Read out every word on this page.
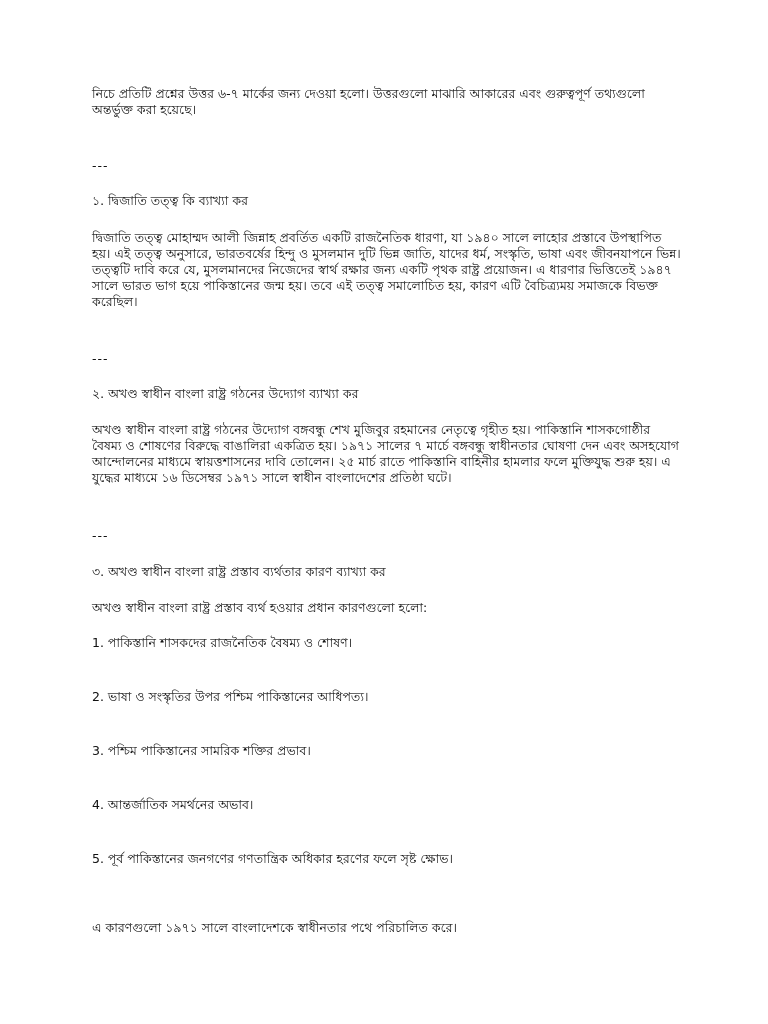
নিচে প্রতিটি প্রশ্নের উত্তর ৬-৭ মার্কের জন্য দেওয়া হলো। উত্তরগুলো মাঝারি আকারের এবং গুরুত্বপূর্ণ তথ্যগুলো অন্তর্ভুক্ত করা হয়েছে।

---

১. দ্বিজাতি তত্ত্ব কি ব্যাখ্যা কর

দ্বিজাতি তত্ত্ব মোহাম্মদ আলী জিন্নাহ প্রবর্তিত একটি রাজনৈতিক ধারণা, যা ১৯৪০ সালে লাহোর প্রস্তাবে উপস্থাপিত হয়। এই তত্ত্ব অনুসারে, ভারতবর্ষের হিন্দু ও মুসলমান দুটি ভিন্ন জাতি, যাদের ধর্ম, সংস্কৃতি, ভাষা এবং জীবনযাপনে ভিন্ন। তত্ত্বটি দাবি করে যে, মুসলমানদের নিজেদের স্বার্থ রক্ষার জন্য একটি পৃথক রাষ্ট্র প্রয়োজন। এ ধারণার ভিত্তিতেই ১৯৪৭ সালে ভারত ভাগ হয়ে পাকিস্তানের জন্ম হয়। তবে এই তত্ত্ব সমালোচিত হয়, কারণ এটি বৈচিত্র্যময় সমাজকে বিভক্ত করেছিল।

---

২. অখণ্ড স্বাধীন বাংলা রাষ্ট্র গঠনের উদ্যোগ ব্যাখ্যা কর

অখণ্ড স্বাধীন বাংলা রাষ্ট্র গঠনের উদ্যোগ বঙ্গবন্ধু শেখ মুজিবুর রহমানের নেতৃত্বে গৃহীত হয়। পাকিস্তানি শাসকগোষ্ঠীর বৈষম্য ও শোষণের বিরুদ্ধে বাঙালিরা একত্রিত হয়। ১৯৭১ সালের ৭ মার্চে বঙ্গবন্ধু স্বাধীনতার ঘোষণা দেন এবং অসহযোগ আন্দোলনের মাধ্যমে স্বায়ত্তশাসনের দাবি তোলেন। ২৫ মার্চ রাতে পাকিস্তানি বাহিনীর হামলার ফলে মুক্তিযুদ্ধ শুরু হয়। এ যুদ্ধের মাধ্যমে ১৬ ডিসেম্বর ১৯৭১ সালে স্বাধীন বাংলাদেশের প্রতিষ্ঠা ঘটে।

---

৩. অখণ্ড স্বাধীন বাংলা রাষ্ট্র প্রস্তাব ব্যর্থতার কারণ ব্যাখ্যা কর

অখণ্ড স্বাধীন বাংলা রাষ্ট্র প্রস্তাব ব্যর্থ হওয়ার প্রধান কারণগুলো হলো:

1. পাকিস্তানি শাসকদের রাজনৈতিক বৈষম্য ও শোষণ।

2. ভাষা ও সংস্কৃতির উপর পশ্চিম পাকিস্তানের আধিপত্য।

3. পশ্চিম পাকিস্তানের সামরিক শক্তির প্রভাব।

4. আন্তর্জাতিক সমর্থনের অভাব।

5. পূর্ব পাকিস্তানের জনগণের গণতান্ত্রিক অধিকার হরণের ফলে সৃষ্ট ক্ষোভ।

এ কারণগুলো ১৯৭১ সালে বাংলাদেশকে স্বাধীনতার পথে পরিচালিত করে।
